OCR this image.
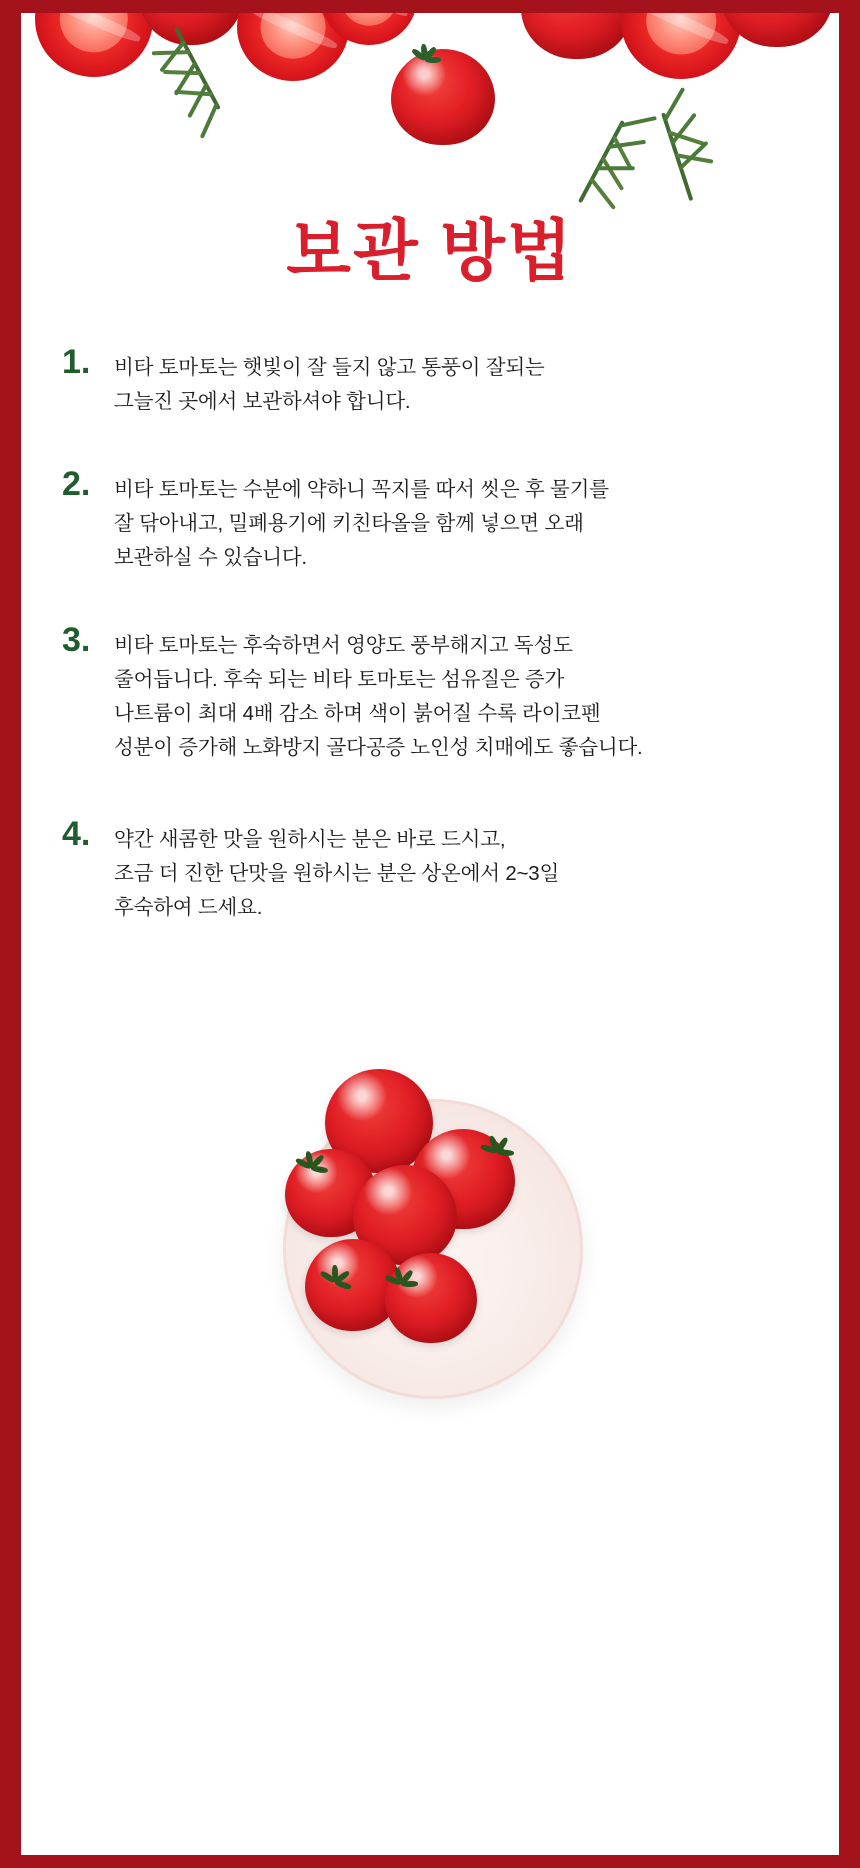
보관 방법
1.	비타 토마토는 햇빛이 잘 들지 않고 통풍이 잘되는

그늘진 곳에서 보관하셔야 합니다.

2.	비타 토마토는 수분에 약하니 꼭지를 따서 씻은 후 물기를

잘 닦아내고, 밀폐용기에 키친타올을 함께 넣으면 오래

보관하실 수 있습니다.

3.	비타 토마토는 후숙하면서 영양도 풍부해지고 독성도

줄어듭니다. 후숙 되는 비타 토마토는 섬유질은 증가

나트륨이 최대 4배 감소 하며 색이 붉어질 수록 라이코펜

성분이 증가해 노화방지 골다공증 노인성 치매에도 좋습니다.

4.	약간 새콤한 맛을 원하시는 분은 바로 드시고,

조금 더 진한 단맛을 원하시는 분은 상온에서 2~3일

후숙하여 드세요.
